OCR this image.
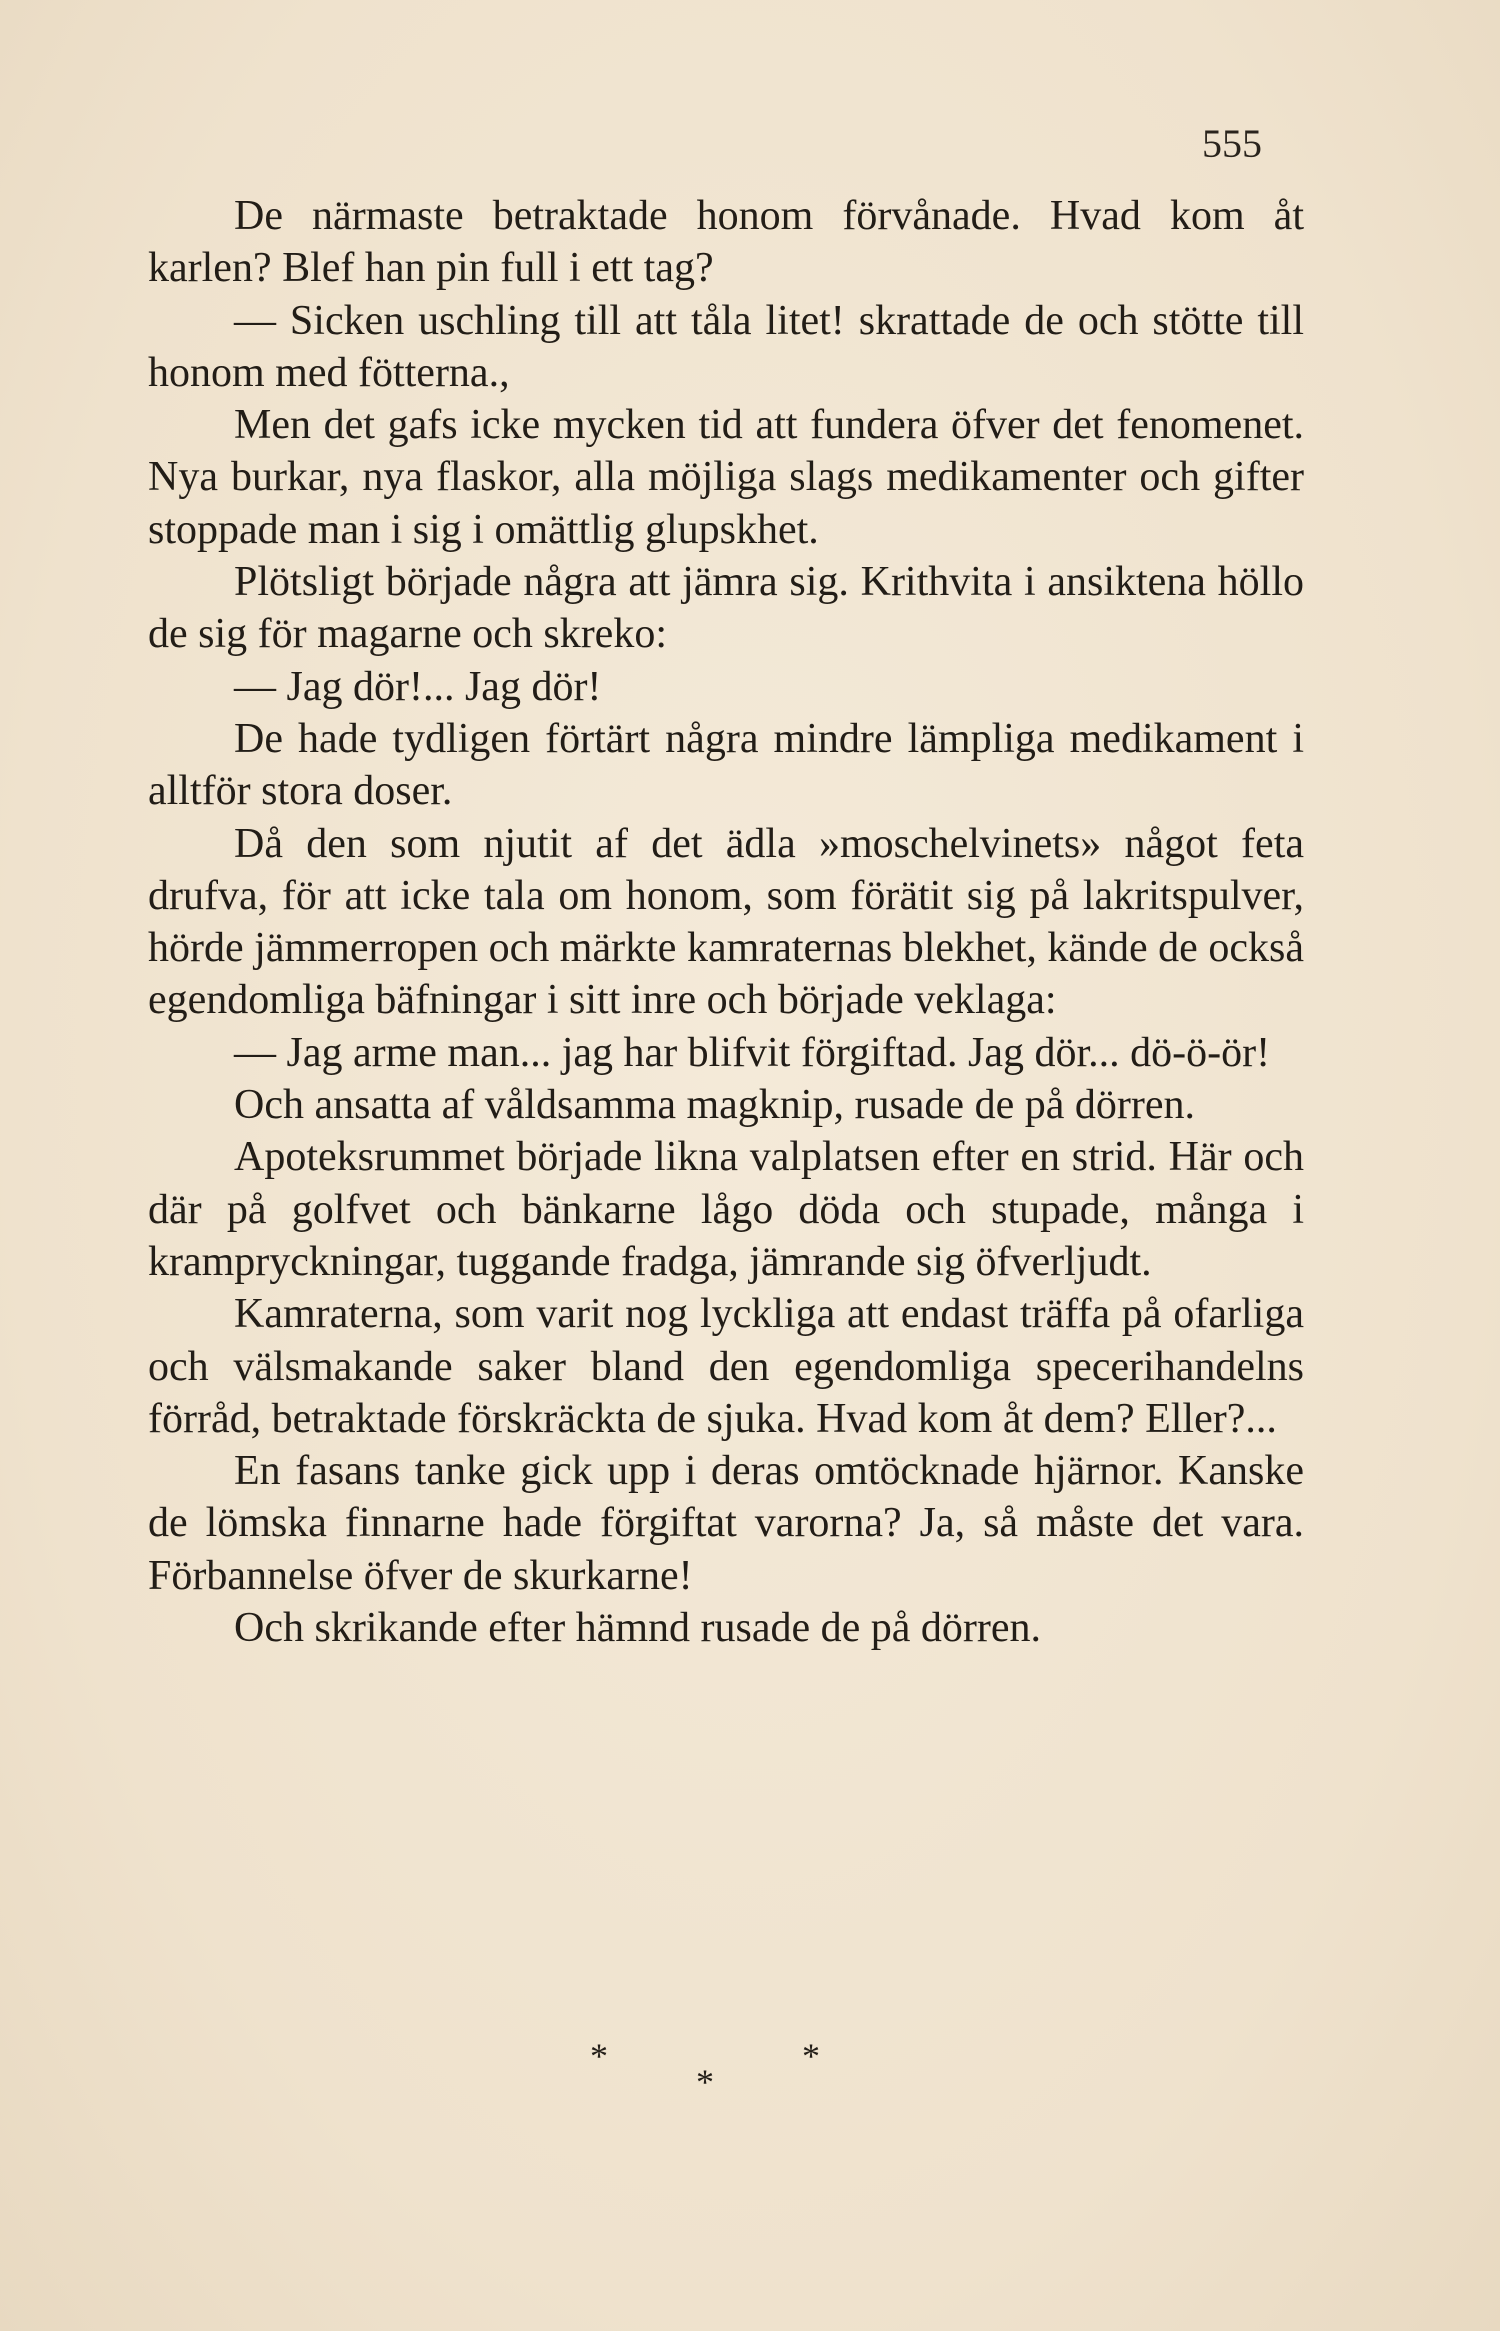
555

De närmaste betraktade honom förvånade. Hvad kom åt karlen? Blef han pin full i ett tag?

— Sicken uschling till att tåla litet! skrattade de och stötte till honom med fötterna.,

Men det gafs icke mycken tid att fundera öfver det fenomenet. Nya burkar, nya flaskor, alla möjliga slags medikamenter och gifter stoppade man i sig i omättlig glupskhet.

Plötsligt började några att jämra sig. Krithvita i ansiktena höllo de sig för magarne och skreko:

— Jag dör!... Jag dör!

De hade tydligen förtärt några mindre lämpliga medikament i alltför stora doser.

Då den som njutit af det ädla »moschelvinets» något feta drufva, för att icke tala om honom, som förätit sig på lakritspulver, hörde jämmerropen och märkte kamraternas blekhet, kände de också egendomliga bäfningar i sitt inre och började veklaga:

— Jag arme man... jag har blifvit förgiftad. Jag dör... dö-ö-ör!

Och ansatta af våldsamma magknip, rusade de på dörren.

Apoteksrummet började likna valplatsen efter en strid. Här och där på golfvet och bänkarne lågo döda och stupade, många i krampryckningar, tuggande fradga, jämrande sig öfverljudt.

Kamraterna, som varit nog lyckliga att endast träffa på ofarliga och välsmakande saker bland den egendomliga specerihandelns förråd, betraktade förskräckta de sjuka. Hvad kom åt dem? Eller?...

En fasans tanke gick upp i deras omtöcknade hjärnor. Kanske de lömska finnarne hade förgiftat varorna? Ja, så måste det vara. Förbannelse öfver de skurkarne!

Och skrikande efter hämnd rusade de på dörren.

*	*
*
